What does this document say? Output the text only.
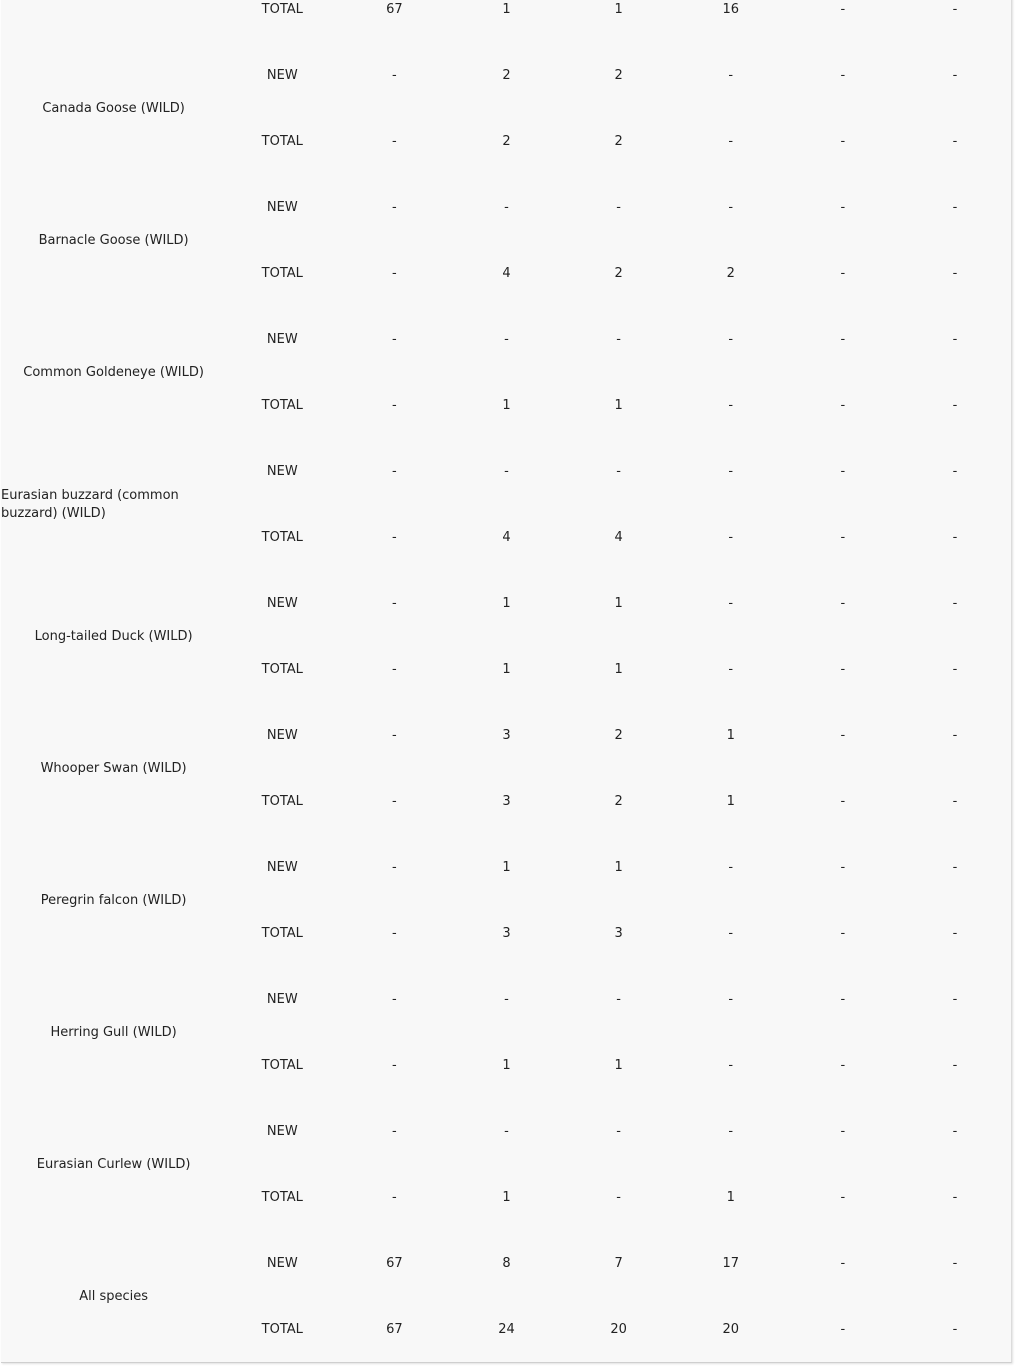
	TOTAL	67	1	1	16	-	-
Canada Goose (WILD)	NEW	-	2	2	-	-	-
	TOTAL	-	2	2	-	-	-
Barnacle Goose (WILD)	NEW	-	-	-	-	-	-
	TOTAL	-	4	2	2	-	-
Common Goldeneye (WILD)	NEW	-	-	-	-	-	-
	TOTAL	-	1	1	-	-	-
Eurasian buzzard (common buzzard) (WILD)	NEW	-	-	-	-	-	-
	TOTAL	-	4	4	-	-	-
Long-tailed Duck (WILD)	NEW	-	1	1	-	-	-
	TOTAL	-	1	1	-	-	-
Whooper Swan (WILD)	NEW	-	3	2	1	-	-
	TOTAL	-	3	2	1	-	-
Peregrin falcon (WILD)	NEW	-	1	1	-	-	-
	TOTAL	-	3	3	-	-	-
Herring Gull (WILD)	NEW	-	-	-	-	-	-
	TOTAL	-	1	1	-	-	-
Eurasian Curlew (WILD)	NEW	-	-	-	-	-	-
	TOTAL	-	1	-	1	-	-
All species	NEW	67	8	7	17	-	-
	TOTAL	67	24	20	20	-	-
